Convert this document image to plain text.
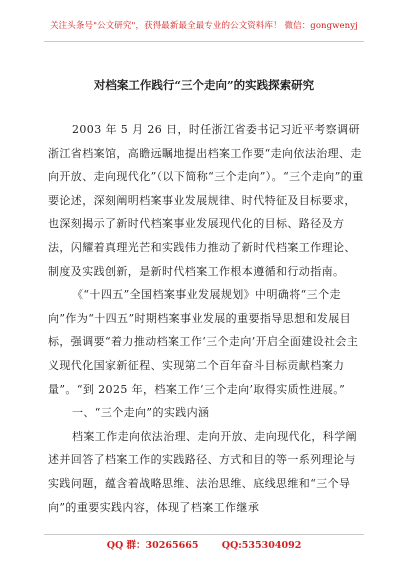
关注头条号"公文研究"，获得最新最全最专业的公文资料库！ 微信：gongwenyj
对档案工作践行“三个走向”的实践探索研究

2003 年 5 月 26 日，时任浙江省委书记习近平考察调研浙江省档案馆，高瞻远瞩地提出档案工作要“走向依法治理、走向开放、走向现代化”（以下简称“三个走向”）。“三个走向”的重要论述，深刻阐明档案事业发展规律、时代特征及目标要求，也深刻揭示了新时代档案事业发展现代化的目标、路径及方法，闪耀着真理光芒和实践伟力推动了新时代档案工作理论、制度及实践创新，是新时代档案工作根本遵循和行动指南。

《“十四五”全国档案事业发展规划》中明确将“三个走向”作为“十四五”时期档案事业发展的重要指导思想和发展目标，强调要“着力推动档案工作‘三个走向’开启全面建设社会主义现代化国家新征程、实现第二个百年奋斗目标贡献档案力量”。“到 2025 年，档案工作‘三个走向’取得实质性进展。”

一、“三个走向”的实践内涵

档案工作走向依法治理、走向开放、走向现代化，科学阐述并回答了档案工作的实践路径、方式和目的等一系列理论与实践问题，蕴含着战略思维、法治思维、底线思维和“三个导向”的重要实践内容，体现了档案工作继承

QQ 群：30265665 QQ:535304092
